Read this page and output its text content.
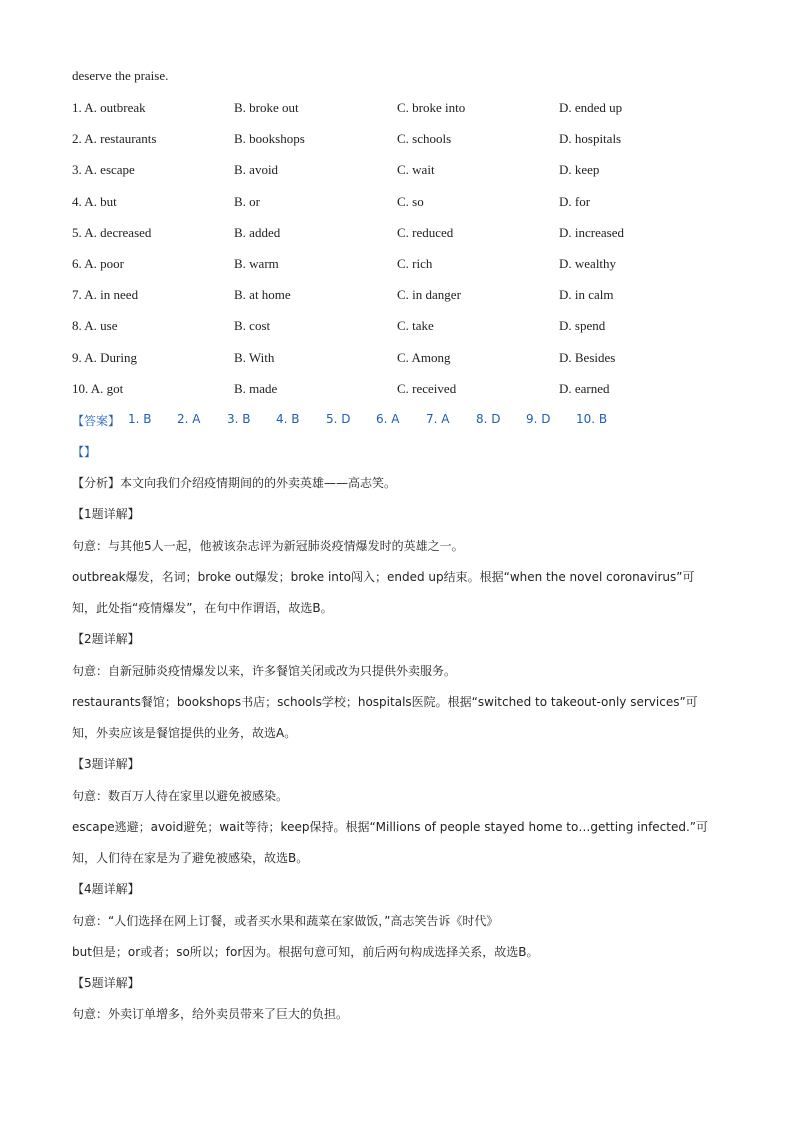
deserve the praise.
1. A. outbreak	B. broke out	C. broke into	D. ended up
2. A. restaurants	B. bookshops	C. schools	D. hospitals
3. A. escape	B. avoid	C. wait	D. keep
4. A. but	B. or	C. so	D. for
5. A. decreased	B. added	C. reduced	D. increased
6. A. poor	B. warm	C. rich	D. wealthy
7. A. in need	B. at home	C. in danger	D. in calm
8. A. use	B. cost	C. take	D. spend
9. A. During	B. With	C. Among	D. Besides
10. A. got	B. made	C. received	D. earned
【答案】 1. B 2. A 3. B 4. B 5. D 6. A 7. A 8. D 9. D 10. B
【】
【分析】本文向我们介绍疫情期间的的外卖英雄——高志笑。
【1题详解】
句意：与其他5人一起，他被该杂志评为新冠肺炎疫情爆发时的英雄之一。
outbreak爆发，名词；broke out爆发；broke into闯入；ended up结束。根据“when the novel coronavirus”可
知，此处指“疫情爆发”，在句中作谓语，故选B。
【2题详解】
句意：自新冠肺炎疫情爆发以来，许多餐馆关闭或改为只提供外卖服务。
restaurants餐馆；bookshops书店；schools学校；hospitals医院。根据“switched to takeout-only services”可
知，外卖应该是餐馆提供的业务，故选A。
【3题详解】
句意：数百万人待在家里以避免被感染。
escape逃避；avoid避免；wait等待；keep保持。根据“Millions of people stayed home to…getting infected.”可
知，人们待在家是为了避免被感染，故选B。
【4题详解】
句意：“人们选择在网上订餐，或者买水果和蔬菜在家做饭，”高志笑告诉《时代》
but但是；or或者；so所以；for因为。根据句意可知，前后两句构成选择关系，故选B。
【5题详解】
句意：外卖订单增多，给外卖员带来了巨大的负担。
